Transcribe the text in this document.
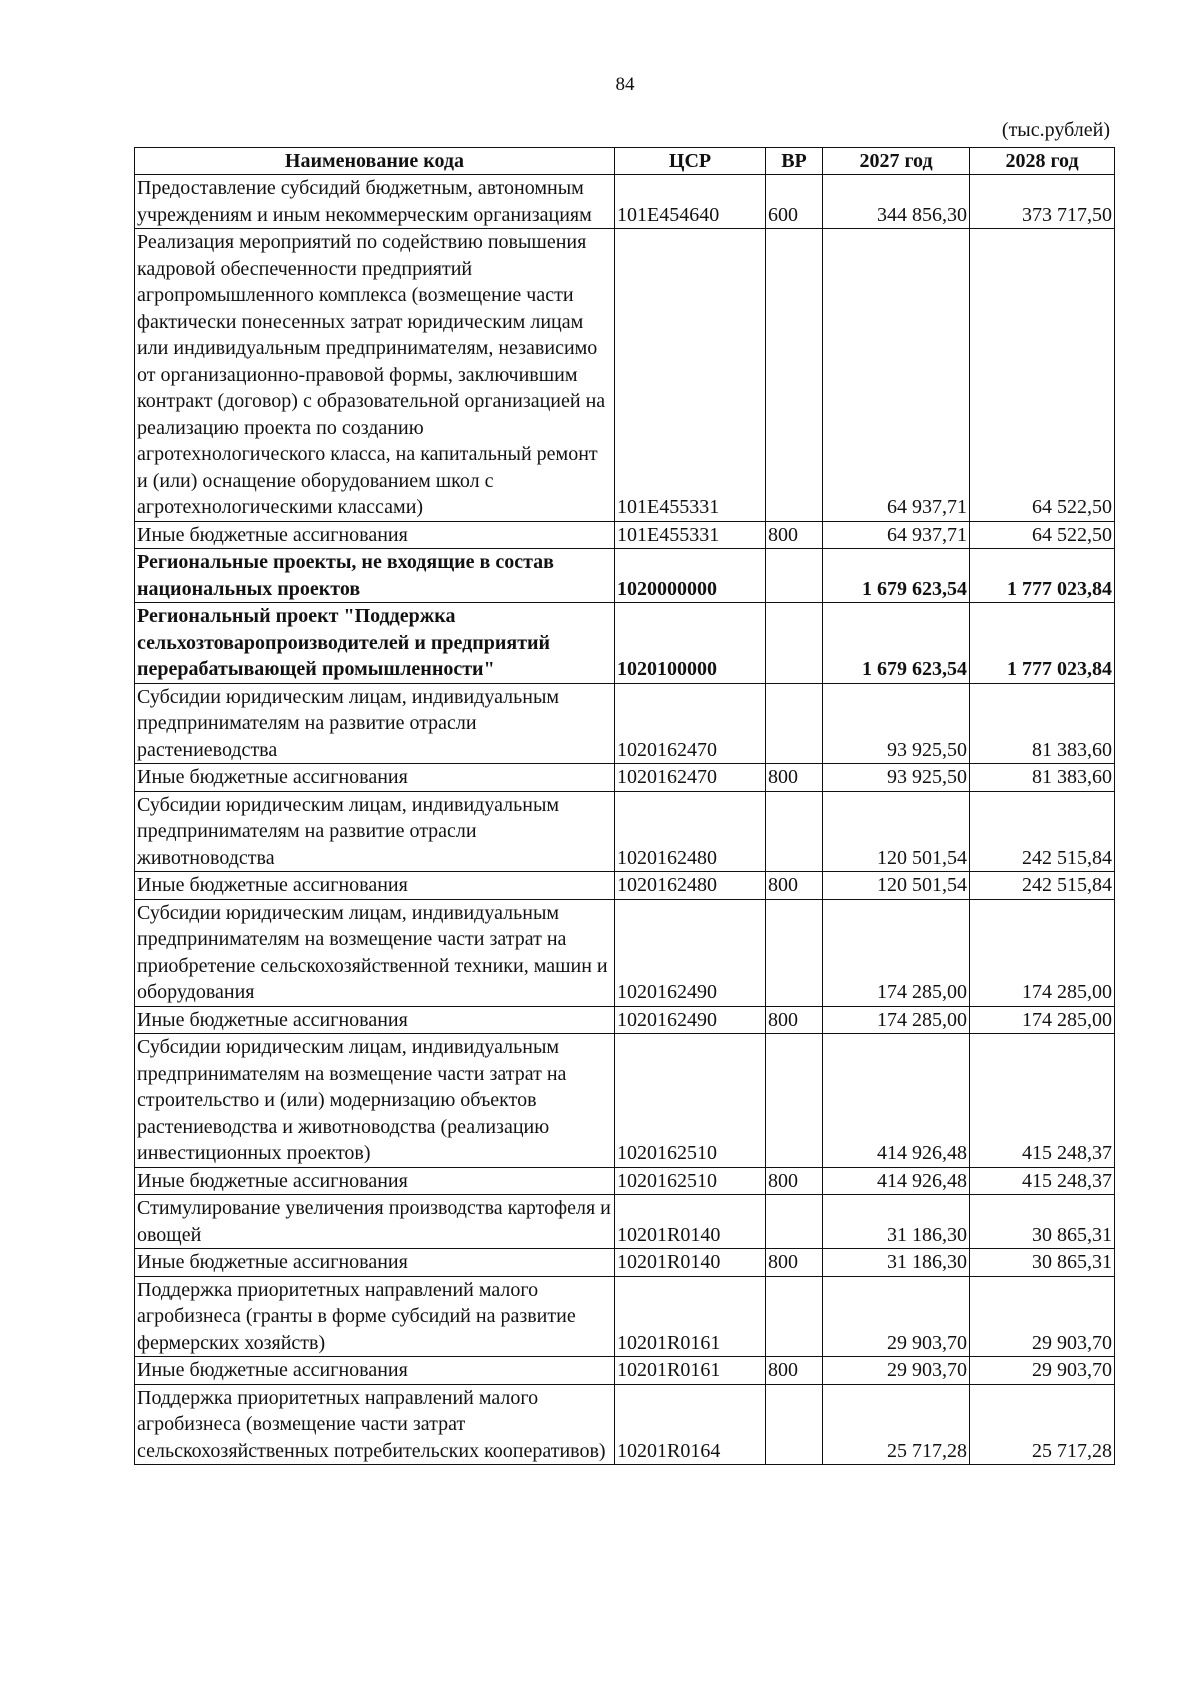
84
(тыс.рублей)
Наименование кода	ЦСР	ВР	2027 год	2028 год
Предоставление субсидий бюджетным, автономным учреждениям и иным некоммерческим организациям	101E454640	600	344 856,30	373 717,50
Реализация мероприятий по содействию повышения кадровой обеспеченности предприятий агропромышленного комплекса (возмещение части фактически понесенных затрат юридическим лицам или индивидуальным предпринимателям, независимо от организационно-правовой формы, заключившим контракт (договор) с образовательной организацией на реализацию проекта по созданию агротехнологического класса, на капитальный ремонт и (или) оснащение оборудованием школ с агротехнологическими классами)	101E455331		64 937,71	64 522,50
Иные бюджетные ассигнования	101E455331	800	64 937,71	64 522,50
Региональные проекты, не входящие в состав национальных проектов	1020000000		1 679 623,54	1 777 023,84
Региональный проект "Поддержка сельхозтоваропроизводителей и предприятий перерабатывающей промышленности"	1020100000		1 679 623,54	1 777 023,84
Субсидии юридическим лицам, индивидуальным предпринимателям на развитие отрасли растениеводства	1020162470		93 925,50	81 383,60
Иные бюджетные ассигнования	1020162470	800	93 925,50	81 383,60
Субсидии юридическим лицам, индивидуальным предпринимателям на развитие отрасли животноводства	1020162480		120 501,54	242 515,84
Иные бюджетные ассигнования	1020162480	800	120 501,54	242 515,84
Субсидии юридическим лицам, индивидуальным предпринимателям на возмещение части затрат на приобретение сельскохозяйственной техники, машин и оборудования	1020162490		174 285,00	174 285,00
Иные бюджетные ассигнования	1020162490	800	174 285,00	174 285,00
Субсидии юридическим лицам, индивидуальным предпринимателям на возмещение части затрат на строительство и (или) модернизацию объектов растениеводства и животноводства (реализацию инвестиционных проектов)	1020162510		414 926,48	415 248,37
Иные бюджетные ассигнования	1020162510	800	414 926,48	415 248,37
Стимулирование увеличения производства картофеля и овощей	10201R0140		31 186,30	30 865,31
Иные бюджетные ассигнования	10201R0140	800	31 186,30	30 865,31
Поддержка приоритетных направлений малого агробизнеса (гранты в форме субсидий на развитие фермерских хозяйств)	10201R0161		29 903,70	29 903,70
Иные бюджетные ассигнования	10201R0161	800	29 903,70	29 903,70
Поддержка приоритетных направлений малого агробизнеса (возмещение части затрат сельскохозяйственных потребительских кооперативов)	10201R0164		25 717,28	25 717,28
